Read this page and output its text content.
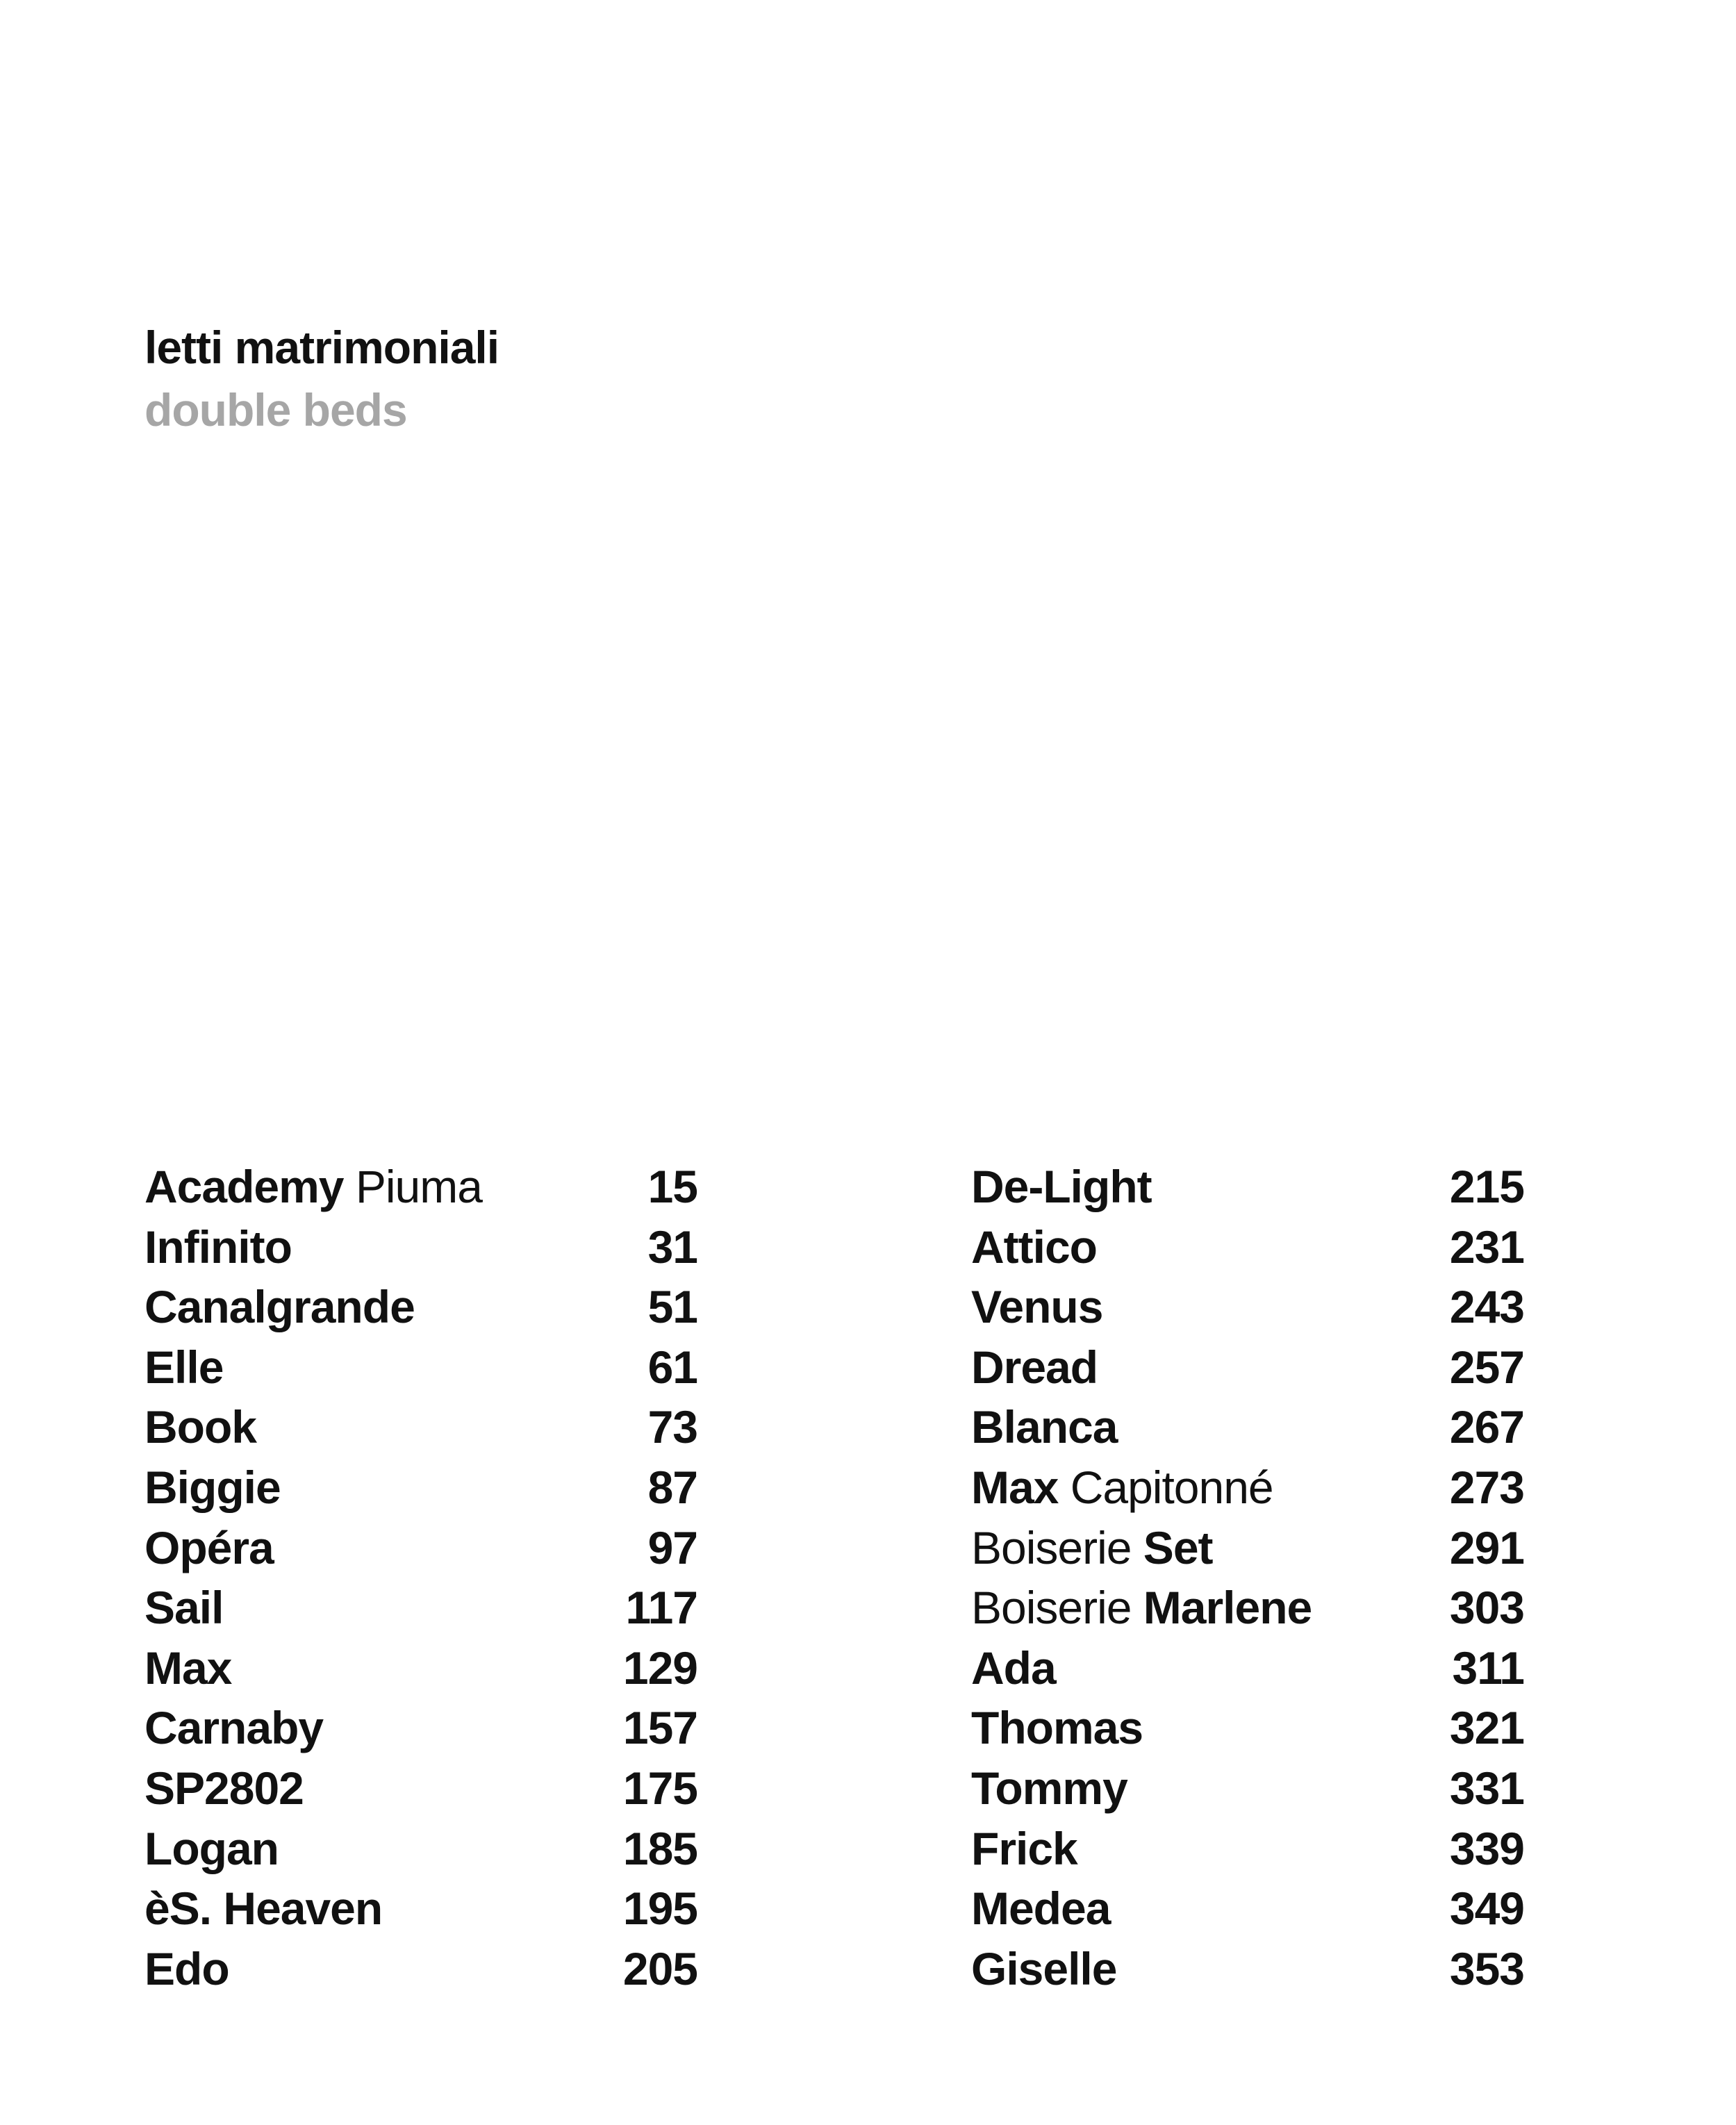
letti matrimoniali
double beds
Academy Piuma	15
Infinito	31
Canalgrande	51
Elle	61
Book	73
Biggie	87
Opéra	97
Sail	117
Max	129
Carnaby	157
SP2802	175
Logan	185
èS. Heaven	195
Edo	205
De-Light	215
Attico	231
Venus	243
Dread	257
Blanca	267
Max Capitonné	273
Boiserie Set	291
Boiserie Marlene	303
Ada	311
Thomas	321
Tommy	331
Frick	339
Medea	349
Giselle	353
